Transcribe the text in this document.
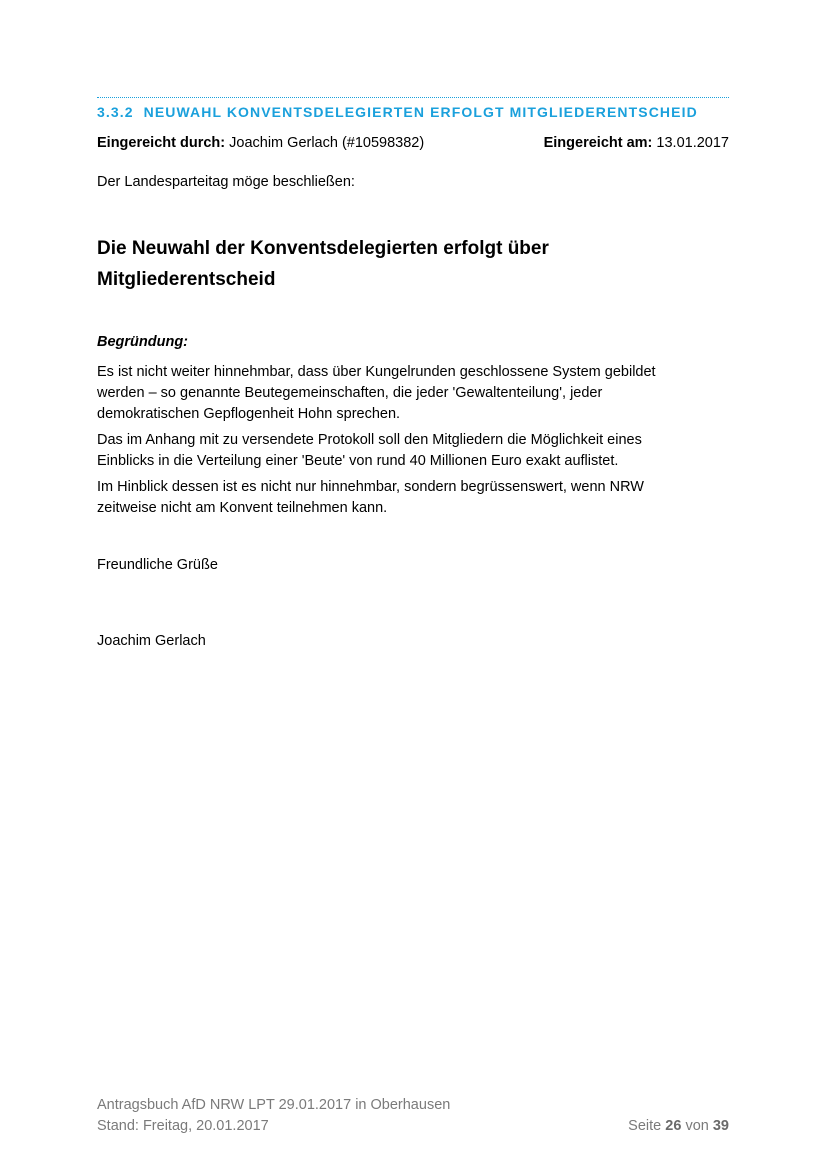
3.3.2 NEUWAHL KONVENTSDELEGIERTEN ERFOLGT MITGLIEDERENTSCHEID
Eingereicht durch: Joachim Gerlach (#10598382)	Eingereicht am: 13.01.2017
Der Landesparteitag möge beschließen:
Die Neuwahl der Konventsdelegierten erfolgt über
Mitgliederentscheid
Begründung:
Es ist nicht weiter hinnehmbar, dass über Kungelrunden geschlossene System gebildet
werden – so genannte Beutegemeinschaften, die jeder 'Gewaltenteilung', jeder
demokratischen Gepflogenheit Hohn sprechen.
Das im Anhang mit zu versendete Protokoll soll den Mitgliedern die Möglichkeit eines
Einblicks in die Verteilung einer 'Beute' von rund 40 Millionen Euro exakt auflistet.
Im Hinblick dessen ist es nicht nur hinnehmbar, sondern begrüssenswert, wenn NRW
zeitweise nicht am Konvent teilnehmen kann.
Freundliche Grüße
Joachim Gerlach
Antragsbuch AfD NRW LPT 29.01.2017 in Oberhausen
Stand: Freitag, 20.01.2017	Seite 26 von 39
